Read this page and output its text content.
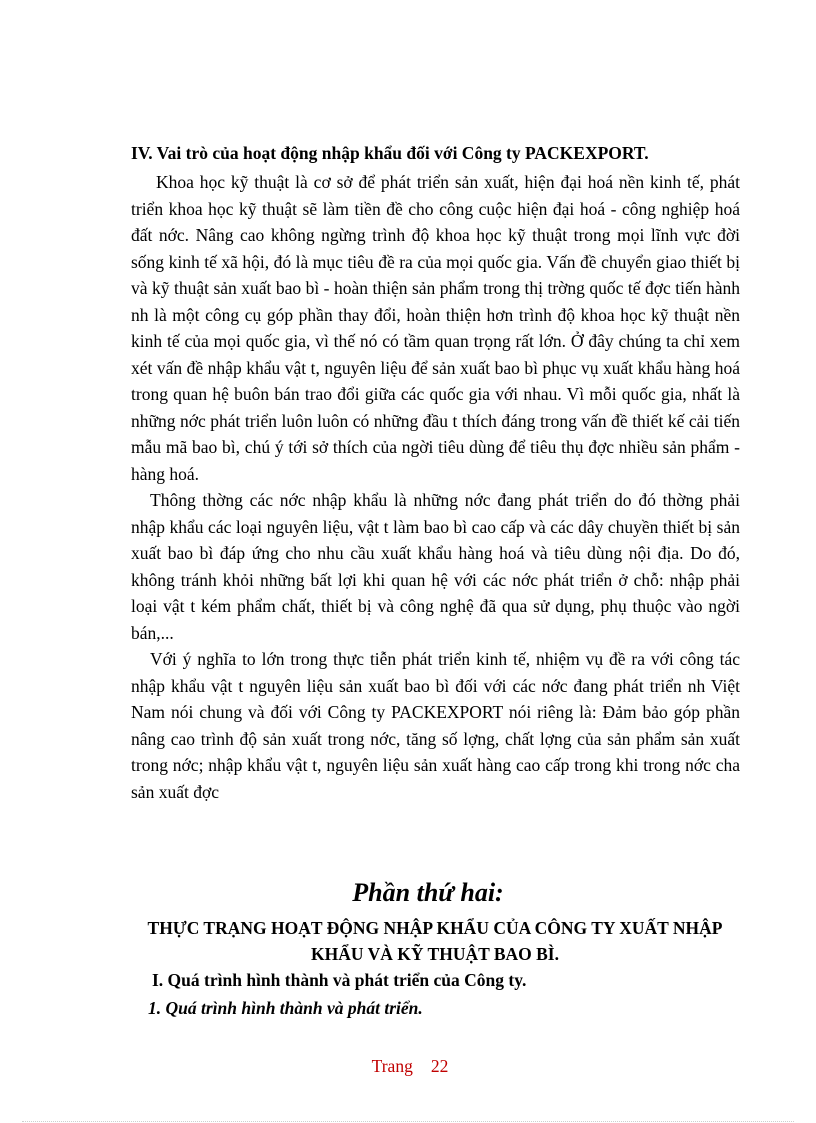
IV. Vai trò của hoạt động nhập khẩu đối với Công ty PACKEXPORT.

Khoa học kỹ thuật là cơ sở để phát triển sản xuất, hiện đại hoá nền kinh tế, phát triển khoa học kỹ thuật sẽ làm tiền đề cho công cuộc hiện đại hoá - công nghiệp hoá đất nớc. Nâng cao không ngừng trình độ khoa học kỹ thuật trong mọi lĩnh vực đời sống kinh tế xã hội, đó là mục tiêu đề ra của mọi quốc gia. Vấn đề chuyển giao thiết bị và kỹ thuật sản xuất bao bì - hoàn thiện sản phẩm trong thị trờng quốc tế đợc tiến hành nh là một công cụ góp phần thay đổi, hoàn thiện hơn trình độ khoa học kỹ thuật nền kinh tế của mọi quốc gia, vì thế nó có tầm quan trọng rất lớn. Ở đây chúng ta chỉ xem xét vấn đề nhập khẩu vật t, nguyên liệu để sản xuất bao bì phục vụ xuất khẩu hàng hoá trong quan hệ buôn bán trao đổi giữa các quốc gia với nhau. Vì mỗi quốc gia, nhất là những nớc phát triển luôn luôn có những đầu t thích đáng trong vấn đề thiết kế cải tiến mẫu mã bao bì, chú ý tới sở thích của ngời tiêu dùng để tiêu thụ đợc nhiều sản phẩm - hàng hoá.

Thông thờng các nớc nhập khẩu là những nớc đang phát triển do đó thờng phải nhập khẩu các loại nguyên liệu, vật t làm bao bì cao cấp và các dây chuyền thiết bị sản xuất bao bì đáp ứng cho nhu cầu xuất khẩu hàng hoá và tiêu dùng nội địa. Do đó, không tránh khỏi những bất lợi khi quan hệ với các nớc phát triển ở chỗ: nhập phải loại vật t kém phẩm chất, thiết bị và công nghệ đã qua sử dụng, phụ thuộc vào ngời bán,...

Với ý nghĩa to lớn trong thực tiễn phát triển kinh tế, nhiệm vụ đề ra với công tác nhập khẩu vật t nguyên liệu sản xuất bao bì đối với các nớc đang phát triển nh Việt Nam nói chung và đối với Công ty PACKEXPORT nói riêng là: Đảm bảo góp phần nâng cao trình độ sản xuất trong nớc, tăng số lợng, chất lợng của sản phẩm sản xuất trong nớc; nhập khẩu vật t, nguyên liệu sản xuất hàng cao cấp trong khi trong nớc cha sản xuất đợc

Phần thứ hai:
THỰC TRẠNG HOẠT ĐỘNG NHẬP KHẨU CỦA CÔNG TY XUẤT NHẬP KHẨU VÀ KỸ THUẬT BAO BÌ.
I. Quá trình hình thành và phát triển của Công ty.
1. Quá trình hình thành và phát triển.
Trang 22
